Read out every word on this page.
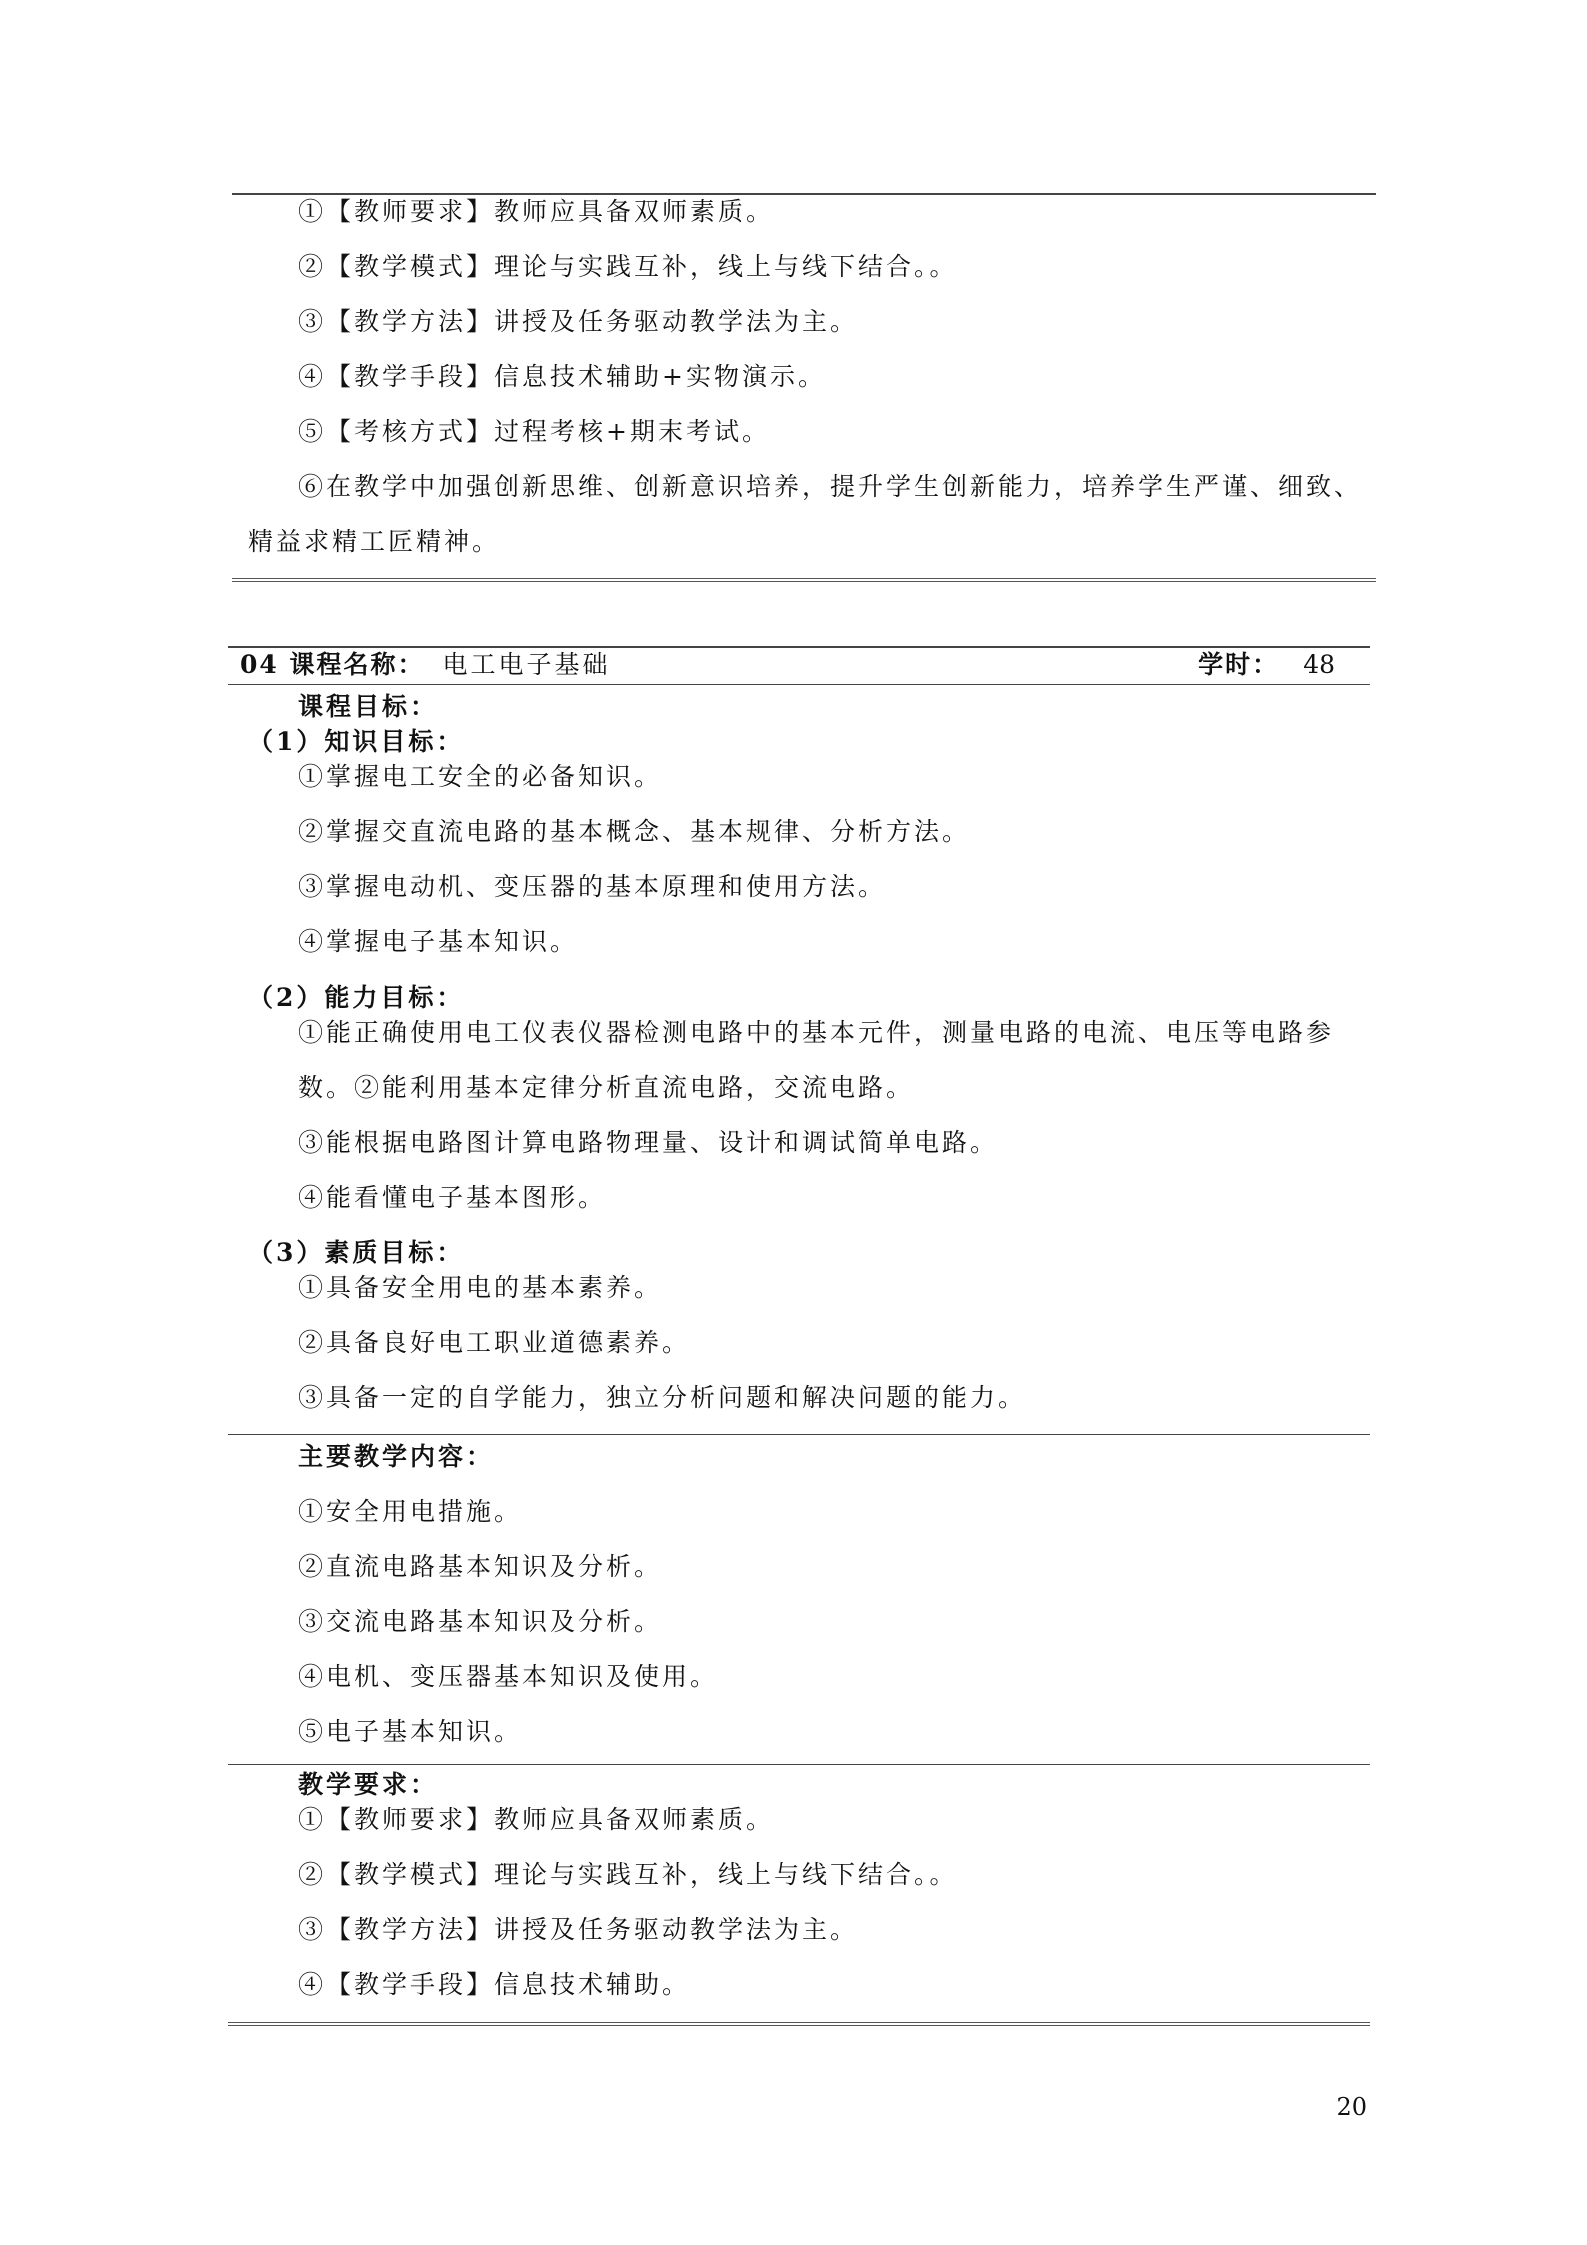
①【教师要求】教师应具备双师素质。
②【教学模式】理论与实践互补，线上与线下结合。。
③【教学方法】讲授及任务驱动教学法为主。
④【教学手段】信息技术辅助+实物演示。
⑤【考核方式】过程考核+期末考试。
⑥在教学中加强创新思维、创新意识培养，提升学生创新能力，培养学生严谨、细致、
精益求精工匠精神。
04 课程名称： 电工电子基础	学时： 48
课程目标：
（1）知识目标：
①掌握电工安全的必备知识。
②掌握交直流电路的基本概念、基本规律、分析方法。
③掌握电动机、变压器的基本原理和使用方法。
④掌握电子基本知识。
（2）能力目标：
①能正确使用电工仪表仪器检测电路中的基本元件，测量电路的电流、电压等电路参
数。②能利用基本定律分析直流电路，交流电路。
③能根据电路图计算电路物理量、设计和调试简单电路。
④能看懂电子基本图形。
（3）素质目标：
①具备安全用电的基本素养。
②具备良好电工职业道德素养。
③具备一定的自学能力，独立分析问题和解决问题的能力。
主要教学内容：
①安全用电措施。
②直流电路基本知识及分析。
③交流电路基本知识及分析。
④电机、变压器基本知识及使用。
⑤电子基本知识。
教学要求：
①【教师要求】教师应具备双师素质。
②【教学模式】理论与实践互补，线上与线下结合。。
③【教学方法】讲授及任务驱动教学法为主。
④【教学手段】信息技术辅助。
20
